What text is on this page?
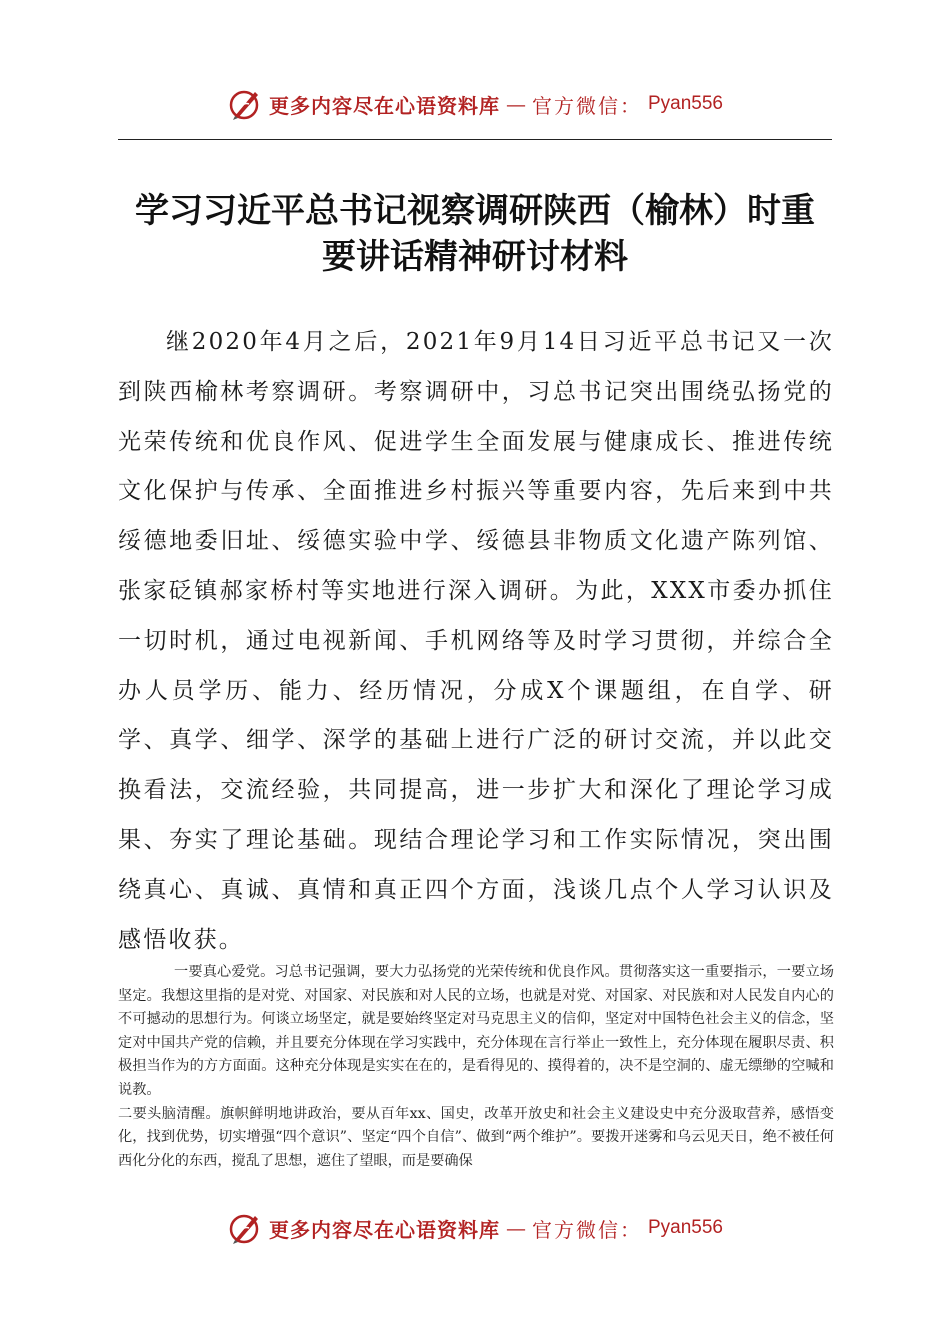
更多内容尽在心语资料库 — 官方微信： Pyan556
学习习近平总书记视察调研陕西（榆林）时重
要讲话精神研讨材料

继2020年4月之后，2021年9月14日习近平总书记又一次到陕西榆林考察调研。考察调研中，习总书记突出围绕弘扬党的光荣传统和优良作风、促进学生全面发展与健康成长、推进传统文化保护与传承、全面推进乡村振兴等重要内容，先后来到中共绥德地委旧址、绥德实验中学、绥德县非物质文化遗产陈列馆、张家砭镇郝家桥村等实地进行深入调研。为此，XXX市委办抓住一切时机，通过电视新闻、手机网络等及时学习贯彻，并综合全办人员学历、能力、经历情况，分成X个课题组，在自学、研学、真学、细学、深学的基础上进行广泛的研讨交流，并以此交换看法，交流经验，共同提高，进一步扩大和深化了理论学习成果、夯实了理论基础。现结合理论学习和工作实际情况，突出围绕真心、真诚、真情和真正四个方面，浅谈几点个人学习认识及感悟收获。

一要真心爱党。习总书记强调，要大力弘扬党的光荣传统和优良作风。贯彻落实这一重要指示，一要立场坚定。我想这里指的是对党、对国家、对民族和对人民的立场，也就是对党、对国家、对民族和对人民发自内心的不可撼动的思想行为。何谈立场坚定，就是要始终坚定对马克思主义的信仰，坚定对中国特色社会主义的信念，坚定对中国共产党的信赖，并且要充分体现在学习实践中，充分体现在言行举止一致性上，充分体现在履职尽责、积极担当作为的方方面面。这种充分体现是实实在在的，是看得见的、摸得着的，决不是空洞的、虚无缥缈的空喊和说教。
二要头脑清醒。旗帜鲜明地讲政治，要从百年xx、国史，改革开放史和社会主义建设史中充分汲取营养，感悟变化，找到优势，切实增强“四个意识”、坚定“四个自信”、做到“两个维护”。要拨开迷雾和乌云见天日，绝不被任何西化分化的东西，搅乱了思想，遮住了望眼，而是要确保
更多内容尽在心语资料库 — 官方微信： Pyan556
